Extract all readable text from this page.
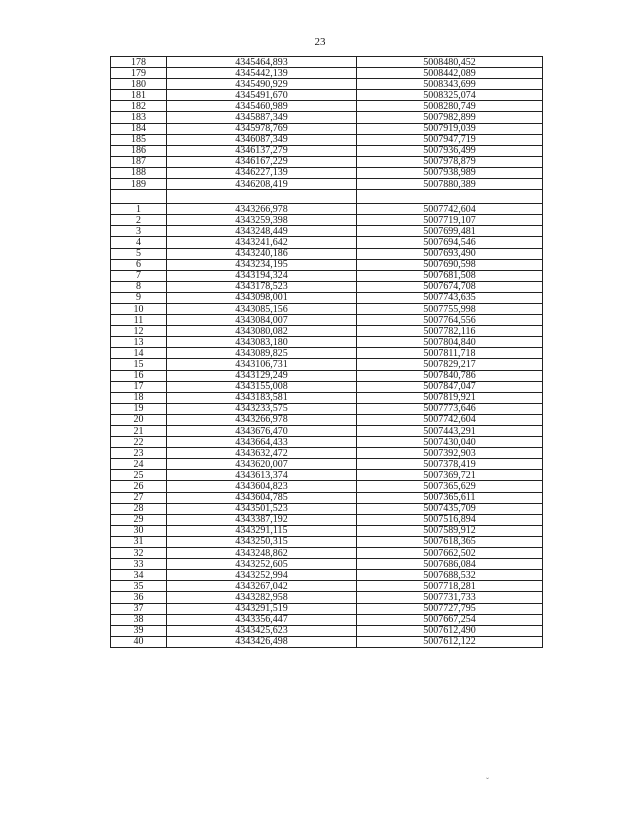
23
178	4345464,893	5008480,452
179	4345442,139	5008442,089
180	4345490,929	5008343,699
181	4345491,670	5008325,074
182	4345460,989	5008280,749
183	4345887,349	5007982,899
184	4345978,769	5007919,039
185	4346087,349	5007947,719
186	4346137,279	5007936,499
187	4346167,229	5007978,879
188	4346227,139	5007938,989
189	4346208,419	5007880,389

1	4343266,978	5007742,604
2	4343259,398	5007719,107
3	4343248,449	5007699,481
4	4343241,642	5007694,546
5	4343240,186	5007693,490
6	4343234,195	5007690,598
7	4343194,324	5007681,508
8	4343178,523	5007674,708
9	4343098,001	5007743,635
10	4343085,156	5007755,998
11	4343084,007	5007764,556
12	4343080,082	5007782,116
13	4343083,180	5007804,840
14	4343089,825	5007811,718
15	4343106,731	5007829,217
16	4343129,249	5007840,786
17	4343155,008	5007847,047
18	4343183,581	5007819,921
19	4343233,575	5007773,646
20	4343266,978	5007742,604
21	4343676,470	5007443,291
22	4343664,433	5007430,040
23	4343632,472	5007392,903
24	4343620,007	5007378,419
25	4343613,374	5007369,721
26	4343604,823	5007365,629
27	4343604,785	5007365,611
28	4343501,523	5007435,709
29	4343387,192	5007516,894
30	4343291,115	5007589,912
31	4343250,315	5007618,365
32	4343248,862	5007662,502
33	4343252,605	5007686,084
34	4343252,994	5007688,532
35	4343267,042	5007718,281
36	4343282,958	5007731,733
37	4343291,519	5007727,795
38	4343356,447	5007667,254
39	4343425,623	5007612,490
40	4343426,498	5007612,122
ˇ
